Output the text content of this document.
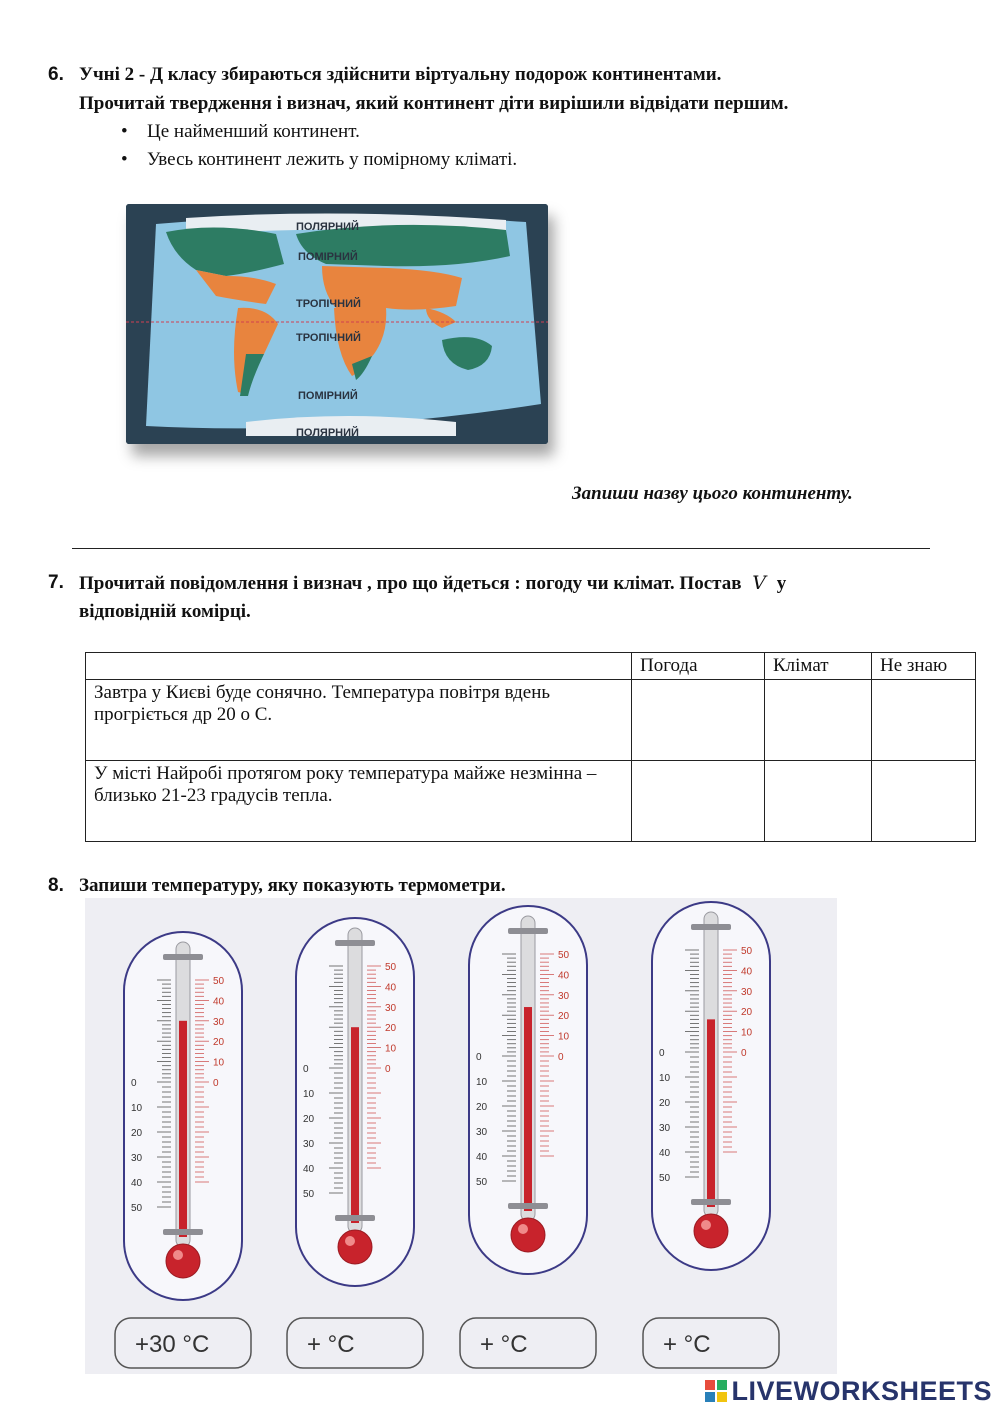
6. Учні 2 - Д класу збираються здійснити віртуальну подорож континентами.
Прочитай твердження і визнач, який континент діти вирішили відвідати першим.
• Це найменший континент.
• Увесь континент лежить у помірному кліматі.
ПОЛЯРНИЙ
ПОМІРНИЙ
ТРОПІЧНИЙ
ТРОПІЧНИЙ
ПОМІРНИЙ
ПОЛЯРНИЙ
Запиши назву цього континенту.
7. Прочитай повідомлення і визнач , про що йдеться : погоду чи клімат. Постав V у
відповідній комірці.
	Погода	Клімат	Не знаю
Завтра у Києві буде сонячно. Температура повітря вдень прогріється др 20 о С.			
У місті Найробі протягом року температура майже незмінна – близько 21-23 градусів тепла.			
8. Запиши температуру, яку показують термометри.
50
40
30
20
10
0
0
10
20
30
40
50
+30 °C
50
40
30
20
10
0
0
10
20
30
40
50
+ °C
50
40
30
20
10
0
0
10
20
30
40
50
+ °C
50
40
30
20
10
0
0
10
20
30
40
50
+ °C
LIVEWORKSHEETS
